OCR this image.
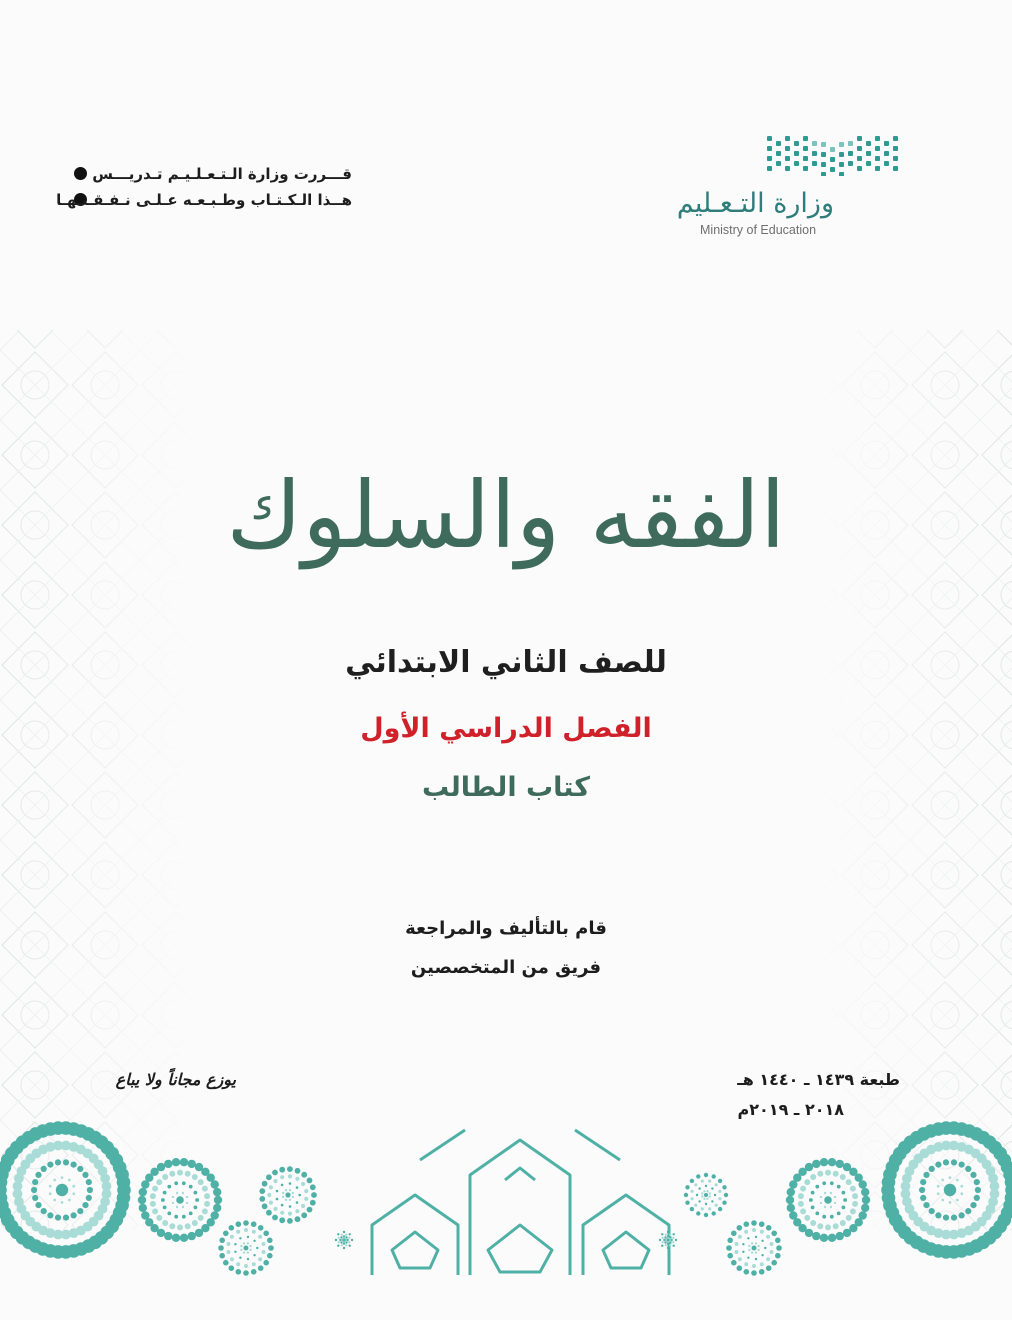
قـــررت وزارة الـتـعـلـيـم تـدريـــس
هــذا الـكـتـاب وطـبـعـه عـلـى نـفـقـتـهـا	وزارة التـعـليم
Ministry of Education
الفقه والسلوك
للصف الثاني الابتدائي
الفصل الدراسي الأول
كتاب الطالب
قام بالتأليف والمراجعة
فريق من المتخصصين
طبعة ١٤٣٩ ـ ١٤٤٠ هـ
٢٠١٨ ـ ٢٠١٩م
يوزع مجاناً ولا يباع
